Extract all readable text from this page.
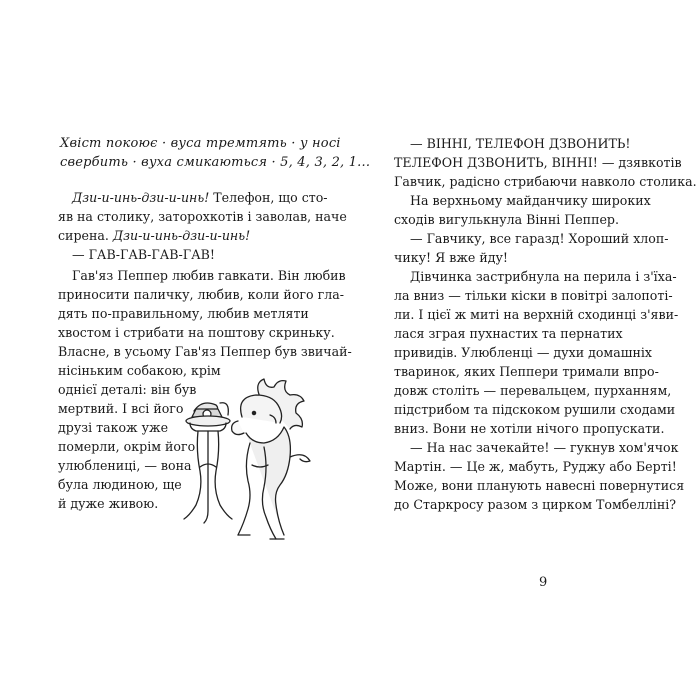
Хвіст покоює · вуса тремтять · у носі
свербить · вуха смикаються · 5, 4, 3, 2, 1...
Дзи-и-инь-дзи-и-инь! Телефон, що сто-
яв на столику, заторохкотів і заволав, наче
сирена. Дзи-и-инь-дзи-и-инь!
— ГАВ-ГАВ-ГАВ-ГАВ!
Гав'яз Пеппер любив гавкати. Він любив
приносити паличку, любив, коли його гла-
дять по-правильному, любив метляти
хвостом і стрибати на поштову скриньку.
Власне, в усьому Гав'яз Пеппер був звичай-
нісіньким собакою, крім
однієї деталі: він був
мертвий. І всі його
друзі також уже
померли, окрім його
улюблениці, — вона
була людиною, ще
й дуже живою.
— ВІННІ, ТЕЛЕФОН ДЗВОНИТЬ!
ТЕЛЕФОН ДЗВОНИТЬ, ВІННІ! — дзявкотів
Гавчик, радісно стрибаючи навколо столика.
На верхньому майданчику широких
сходів вигулькнула Вінні Пеппер.
— Гавчику, все гаразд! Хороший хлоп-
чику! Я вже йду!
Дівчинка застрибнула на перила і з'їха-
ла вниз — тільки кіски в повітрі залопоті-
ли. І цієї ж миті на верхній сходинці з'яви-
лася зграя пухнастих та пернатих
привидів. Улюбленці — духи домашніх
тваринок, яких Пеппери тримали впро-
довж століть — перевальцем, пурханням,
підстрибом та підскоком рушили сходами
вниз. Вони не хотіли нічого пропускати.
— На нас зачекайте! — гукнув хом'ячок
Мартін. — Це ж, мабуть, Руджу або Берті!
Може, вони планують навесні повернутися
до Старкросу разом з цирком Томбелліні?
9
